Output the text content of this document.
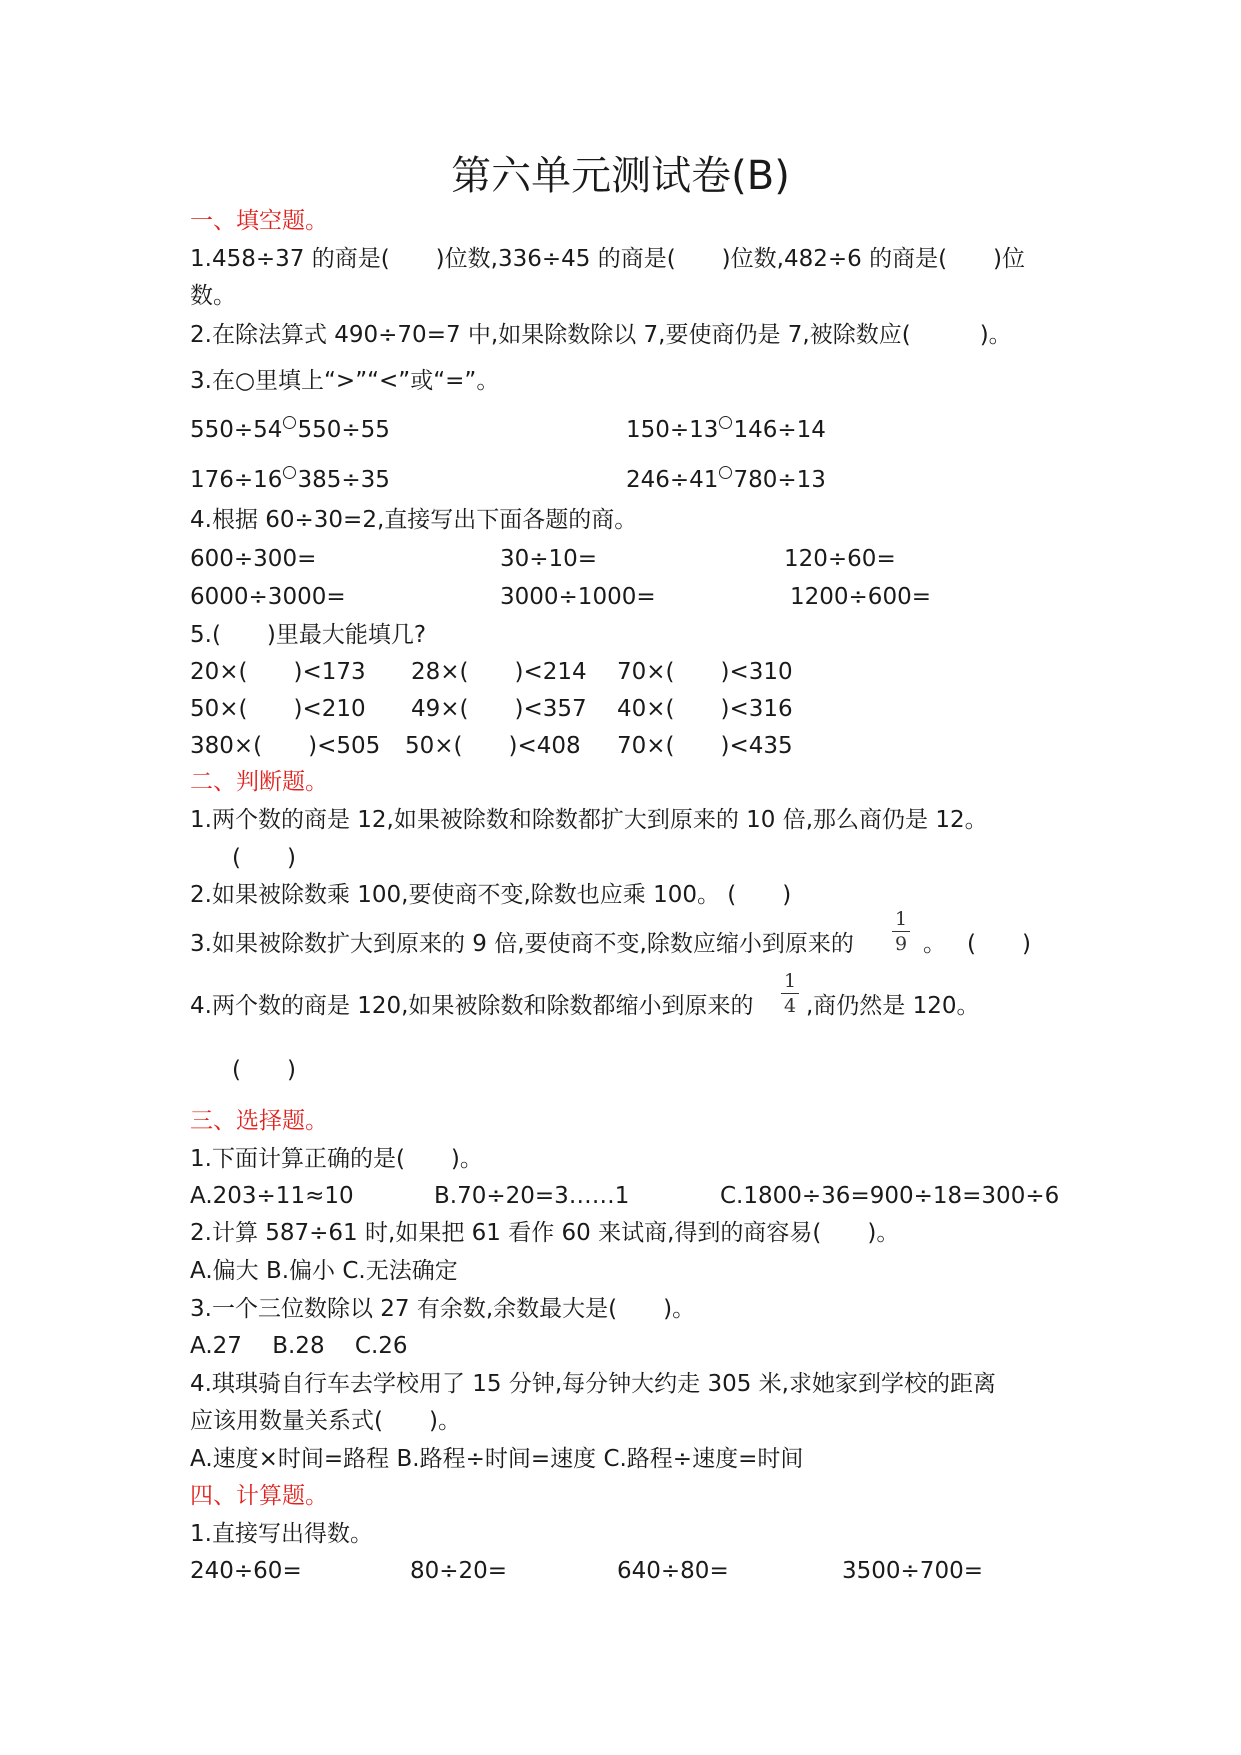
第六单元测试卷(B)
一、填空题。
1.458÷37 的商是(　　)位数,336÷45 的商是(　　)位数,482÷6 的商是(　　)位
数。
2.在除法算式 490÷70=7 中,如果除数除以 7,要使商仍是 7,被除数应(　　　)。
3.在○里填上“>”“<”或“=”。
550÷54 550÷55	150÷13 146÷14
176÷16 385÷35	246÷41 780÷13
4.根据 60÷30=2,直接写出下面各题的商。
600÷300=	30÷10=	120÷60=
6000÷3000=	3000÷1000=	1200÷600=
5.(　　)里最大能填几?
20×(　　)<173 28×(　　)<214 70×(　　)<310
50×(　　)<210 49×(　　)<357 40×(　　)<316
380×(　　)<505 50×(　　)<408 70×(　　)<435
二、判断题。
1.两个数的商是 12,如果被除数和除数都扩大到原来的 10 倍,那么商仍是 12。
(　　)
2.如果被除数乘 100,要使商不变,除数也应乘 100。 (　　)
3.如果被除数扩大到原来的 9 倍,要使商不变,除数应缩小到原来的
1
9 。 (　　)
4.两个数的商是 120,如果被除数和除数都缩小到原来的
1
4 ,商仍然是 120。
(　　)
三、选择题。
1.下面计算正确的是(　　)。
A.203÷11≈10	B.70÷20=3……1	C.1800÷36=900÷18=300÷6
2.计算 587÷61 时,如果把 61 看作 60 来试商,得到的商容易(　　)。
A.偏大 B.偏小 C.无法确定
3.一个三位数除以 27 有余数,余数最大是(　　)。
A.27　 B.28　 C.26
4.琪琪骑自行车去学校用了 15 分钟,每分钟大约走 305 米,求她家到学校的距离
应该用数量关系式(　　)。
A.速度×时间=路程 B.路程÷时间=速度 C.路程÷速度=时间
四、计算题。
1.直接写出得数。
240÷60=	80÷20=	640÷80=	3500÷700=
